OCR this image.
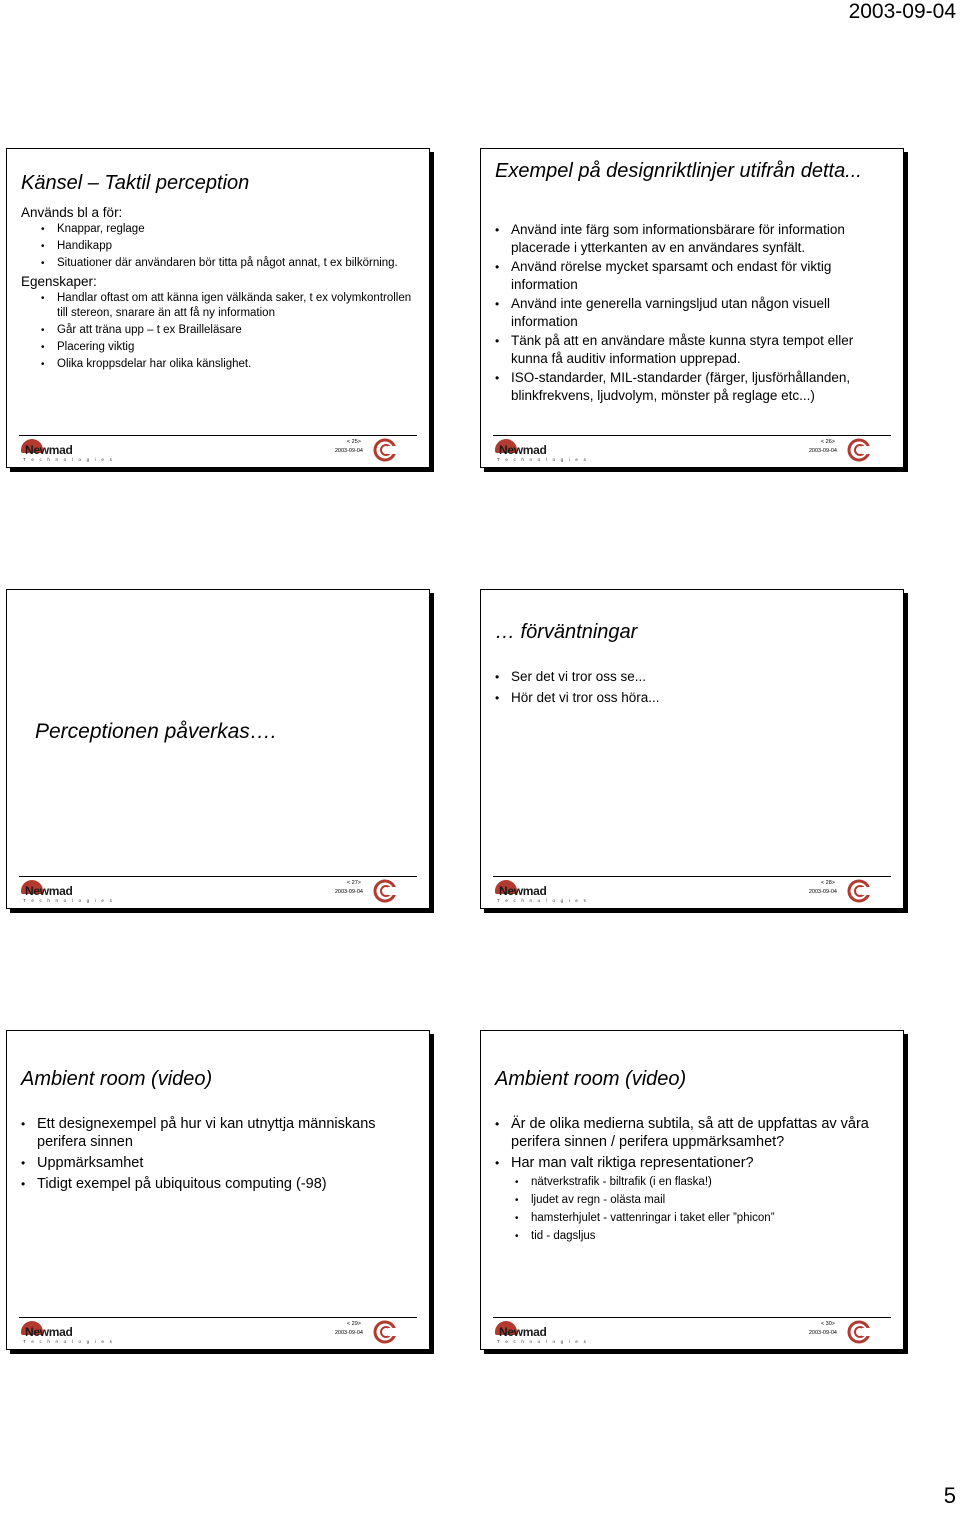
2003-09-04
Känsel – Taktil perception
Används bl a för:
• Knappar, reglage
• Handikapp
• Situationer där användaren bör titta på något annat, t ex bilkörning.
Egenskaper:
• Handlar oftast om att känna igen välkända saker, t ex volymkontrollen till stereon, snarare än att få ny information
• Går att träna upp – t ex Brailleläsare
• Placering viktig
• Olika kroppsdelar har olika känslighet.
Newmad
T e c h n o l o g i e s
< 25>
2003-09-04
Exempel på designriktlinjer utifrån detta...
• Använd inte färg som informationsbärare för information placerade i ytterkanten av en användares synfält.
• Använd rörelse mycket sparsamt och endast för viktig information
• Använd inte generella varningsljud utan någon visuell information
• Tänk på att en användare måste kunna styra tempot eller kunna få auditiv information upprepad.
• ISO-standarder, MIL-standarder (färger, ljusförhållanden, blinkfrekvens, ljudvolym, mönster på reglage etc...)
Newmad
T e c h n o l o g i e s
< 26>
2003-09-04
Perceptionen påverkas….
Newmad
T e c h n o l o g i e s
< 27>
2003-09-04
… förväntningar
• Ser det vi tror oss se...
• Hör det vi tror oss höra...
Newmad
T e c h n o l o g i e s
< 28>
2003-09-04
Ambient room (video)
• Ett designexempel på hur vi kan utnyttja människans perifera sinnen
• Uppmärksamhet
• Tidigt exempel på ubiquitous computing (-98)
Newmad
T e c h n o l o g i e s
< 29>
2003-09-04
Ambient room (video)
• Är de olika medierna subtila, så att de uppfattas av våra perifera sinnen / perifera uppmärksamhet?
• Har man valt riktiga representationer?
• nätverkstrafik - biltrafik (i en flaska!)
• ljudet av regn - olästa mail
• hamsterhjulet - vattenringar i taket eller ”phicon”
• tid - dagsljus
Newmad
T e c h n o l o g i e s
< 30>
2003-09-04
5
